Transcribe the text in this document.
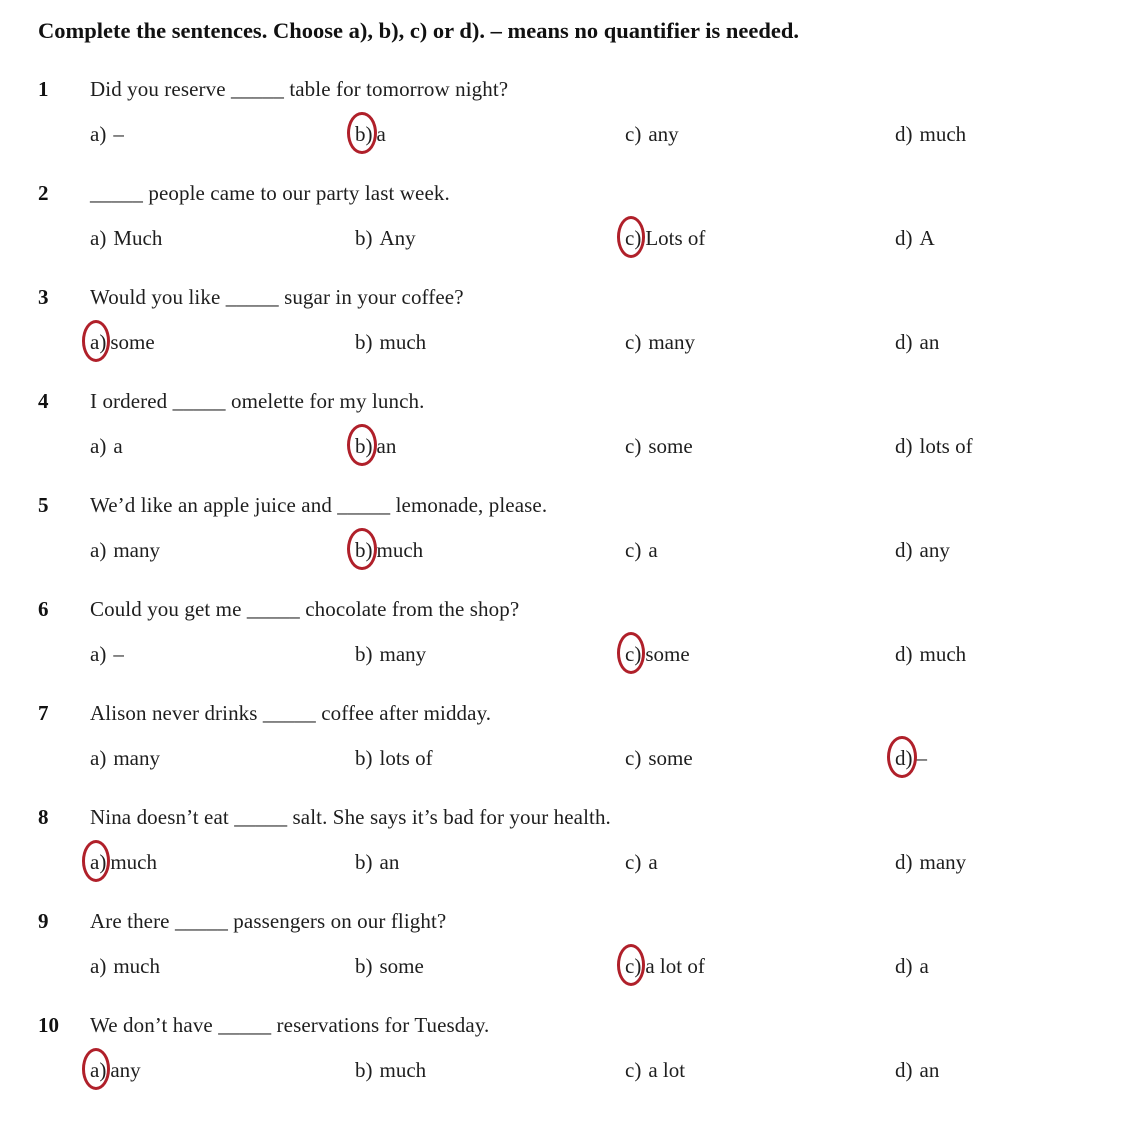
Complete the sentences. Choose a), b), c) or d). – means no quantifier is needed.
1	Did you reserve _____ table for tomorrow night?
a) –	b) a	c) any	d) much
2	_____ people came to our party last week.
a) Much	b) Any	c) Lots of	d) A
3	Would you like _____ sugar in your coffee?
a) some	b) much	c) many	d) an
4	I ordered _____ omelette for my lunch.
a) a	b) an	c) some	d) lots of
5	We’d like an apple juice and _____ lemonade, please.
a) many	b) much	c) a	d) any
6	Could you get me _____ chocolate from the shop?
a) –	b) many	c) some	d) much
7	Alison never drinks _____ coffee after midday.
a) many	b) lots of	c) some	d) –
8	Nina doesn’t eat _____ salt. She says it’s bad for your health.
a) much	b) an	c) a	d) many
9	Are there _____ passengers on our flight?
a) much	b) some	c) a lot of	d) a
10	We don’t have _____ reservations for Tuesday.
a) any	b) much	c) a lot	d) an
